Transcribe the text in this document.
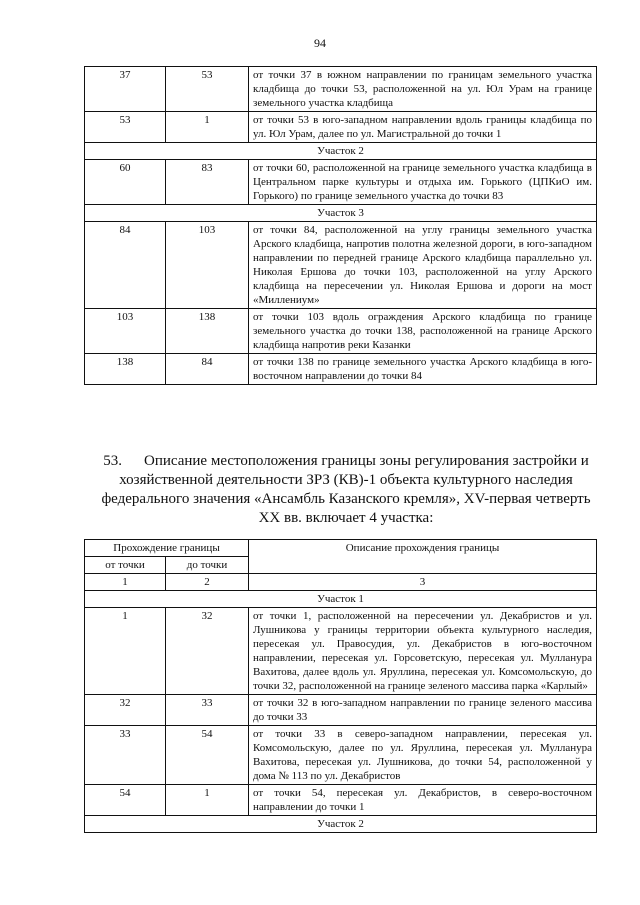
94
37	53	от точки 37 в южном направлении по границам земельного участка кладбища до точки 53, расположенной на ул. Юл Урам на границе земельного участка кладбища
53	1	от точки 53 в юго-западном направлении вдоль границы кладбища по ул. Юл Урам, далее по ул. Магистральной до точки 1
Участок 2		
60	83	от точки 60, расположенной на границе земельного участка кладбища в Центральном парке культуры и отдыха им. Горького (ЦПКиО им. Горького) по границе земельного участка до точки 83
Участок 3		
84	103	от точки 84, расположенной на углу границы земельного участка Арского кладбища, напротив полотна железной дороги, в юго-западном направлении по передней границе Арского кладбища параллельно ул. Николая Ершова до точки 103, расположенной на углу Арского кладбища на пересечении ул. Николая Ершова и дороги на мост «Миллениум»
103	138	от точки 103 вдоль ограждения Арского кладбища по границе земельного участка до точки 138, расположенной на границе Арского кладбища напротив реки Казанки
138	84	от точки 138 по границе земельного участка Арского кладбища в юго-восточном направлении до точки 84
53. Описание местоположения границы зоны регулирования застройки и хозяйственной деятельности ЗРЗ (КВ)-1 объекта культурного наследия федерального значения «Ансамбль Казанского кремля», XV-первая четверть XX вв. включает 4 участка:
Прохождение границы		Описание прохождения границы
от точки	до точки	
1	2	3
Участок 1		
1	32	от точки 1, расположенной на пересечении ул. Декабристов и ул. Лушникова у границы территории объекта культурного наследия, пересекая ул. Правосудия, ул. Декабристов в юго-восточном направлении, пересекая ул. Горсоветскую, пересекая ул. Мулланура Вахитова, далее вдоль ул. Яруллина, пересекая ул. Комсомольскую, до точки 32, расположенной на границе зеленого массива парка «Карлый»
32	33	от точки 32 в юго-западном направлении по границе зеленого массива до точки 33
33	54	от точки 33 в северо-западном направлении, пересекая ул. Комсомольскую, далее по ул. Яруллина, пересекая ул. Мулланура Вахитова, пересекая ул. Лушникова, до точки 54, расположенной у дома № 113 по ул. Декабристов
54	1	от точки 54, пересекая ул. Декабристов, в северо-восточном направлении до точки 1
Участок 2		
